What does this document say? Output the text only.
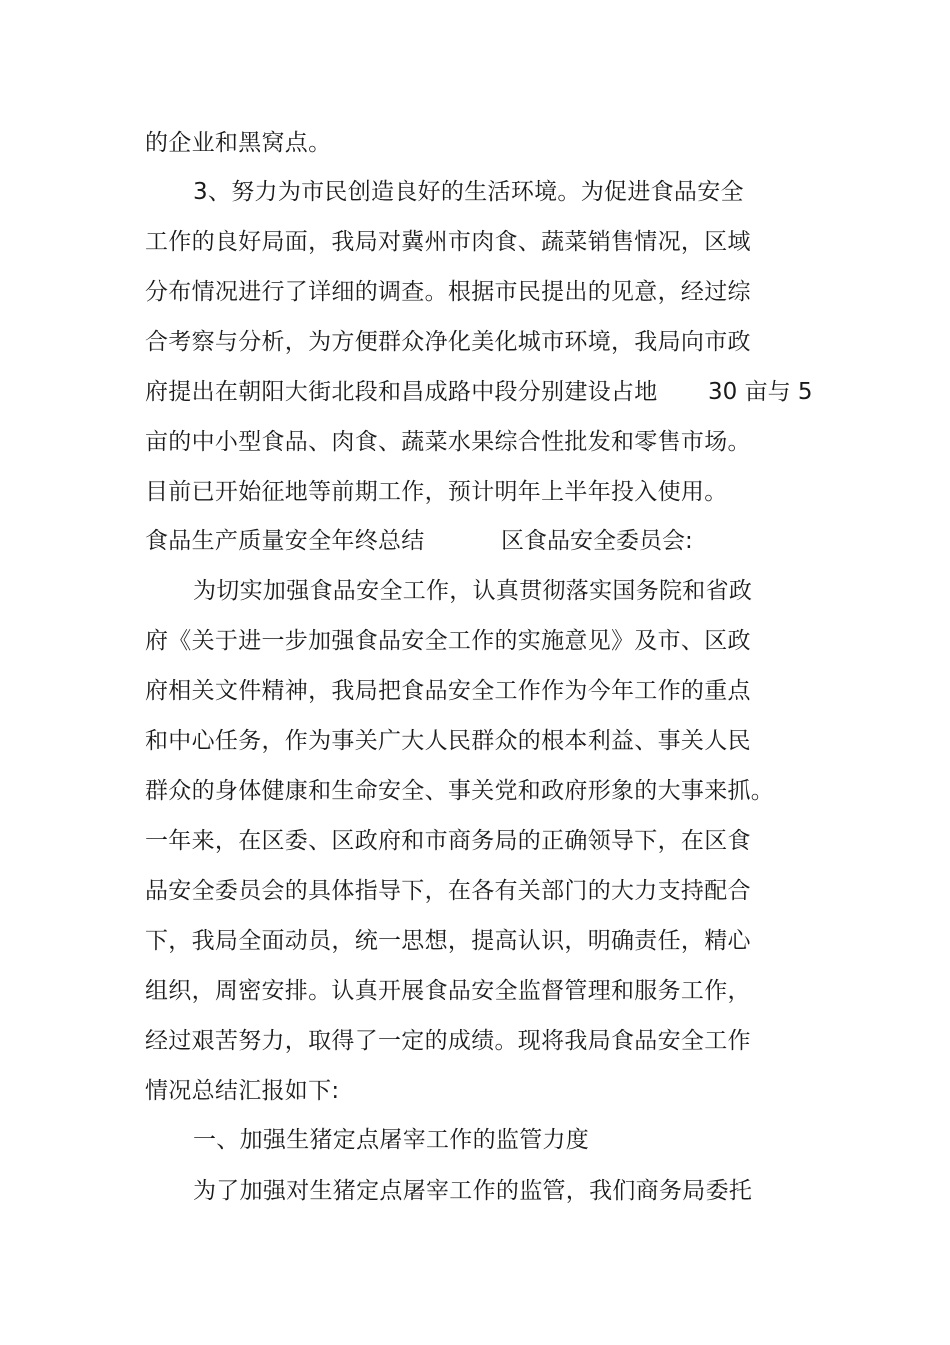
的企业和黑窝点。
3、努力为市民创造良好的生活环境。为促进食品安全
工作的良好局面，我局对冀州市肉食、蔬菜销售情况，区域
分布情况进行了详细的调查。根据市民提出的见意，经过综
合考察与分析，为方便群众净化美化城市环境，我局向市政
府提出在朝阳大街北段和昌成路中段分别建设占地 30 亩与 5
亩的中小型食品、肉食、蔬菜水果综合性批发和零售市场。
目前已开始征地等前期工作，预计明年上半年投入使用。
食品生产质量安全年终总结	区食品安全委员会:
为切实加强食品安全工作，认真贯彻落实国务院和省政
府《关于进一步加强食品安全工作的实施意见》及市、区政
府相关文件精神，我局把食品安全工作作为今年工作的重点
和中心任务，作为事关广大人民群众的根本利益、事关人民
群众的身体健康和生命安全、事关党和政府形象的大事来抓。
一年来，在区委、区政府和市商务局的正确领导下，在区食
品安全委员会的具体指导下，在各有关部门的大力支持配合
下，我局全面动员，统一思想，提高认识，明确责任，精心
组织，周密安排。认真开展食品安全监督管理和服务工作，
经过艰苦努力，取得了一定的成绩。现将我局食品安全工作
情况总结汇报如下:
一、加强生猪定点屠宰工作的监管力度
为了加强对生猪定点屠宰工作的监管，我们商务局委托
